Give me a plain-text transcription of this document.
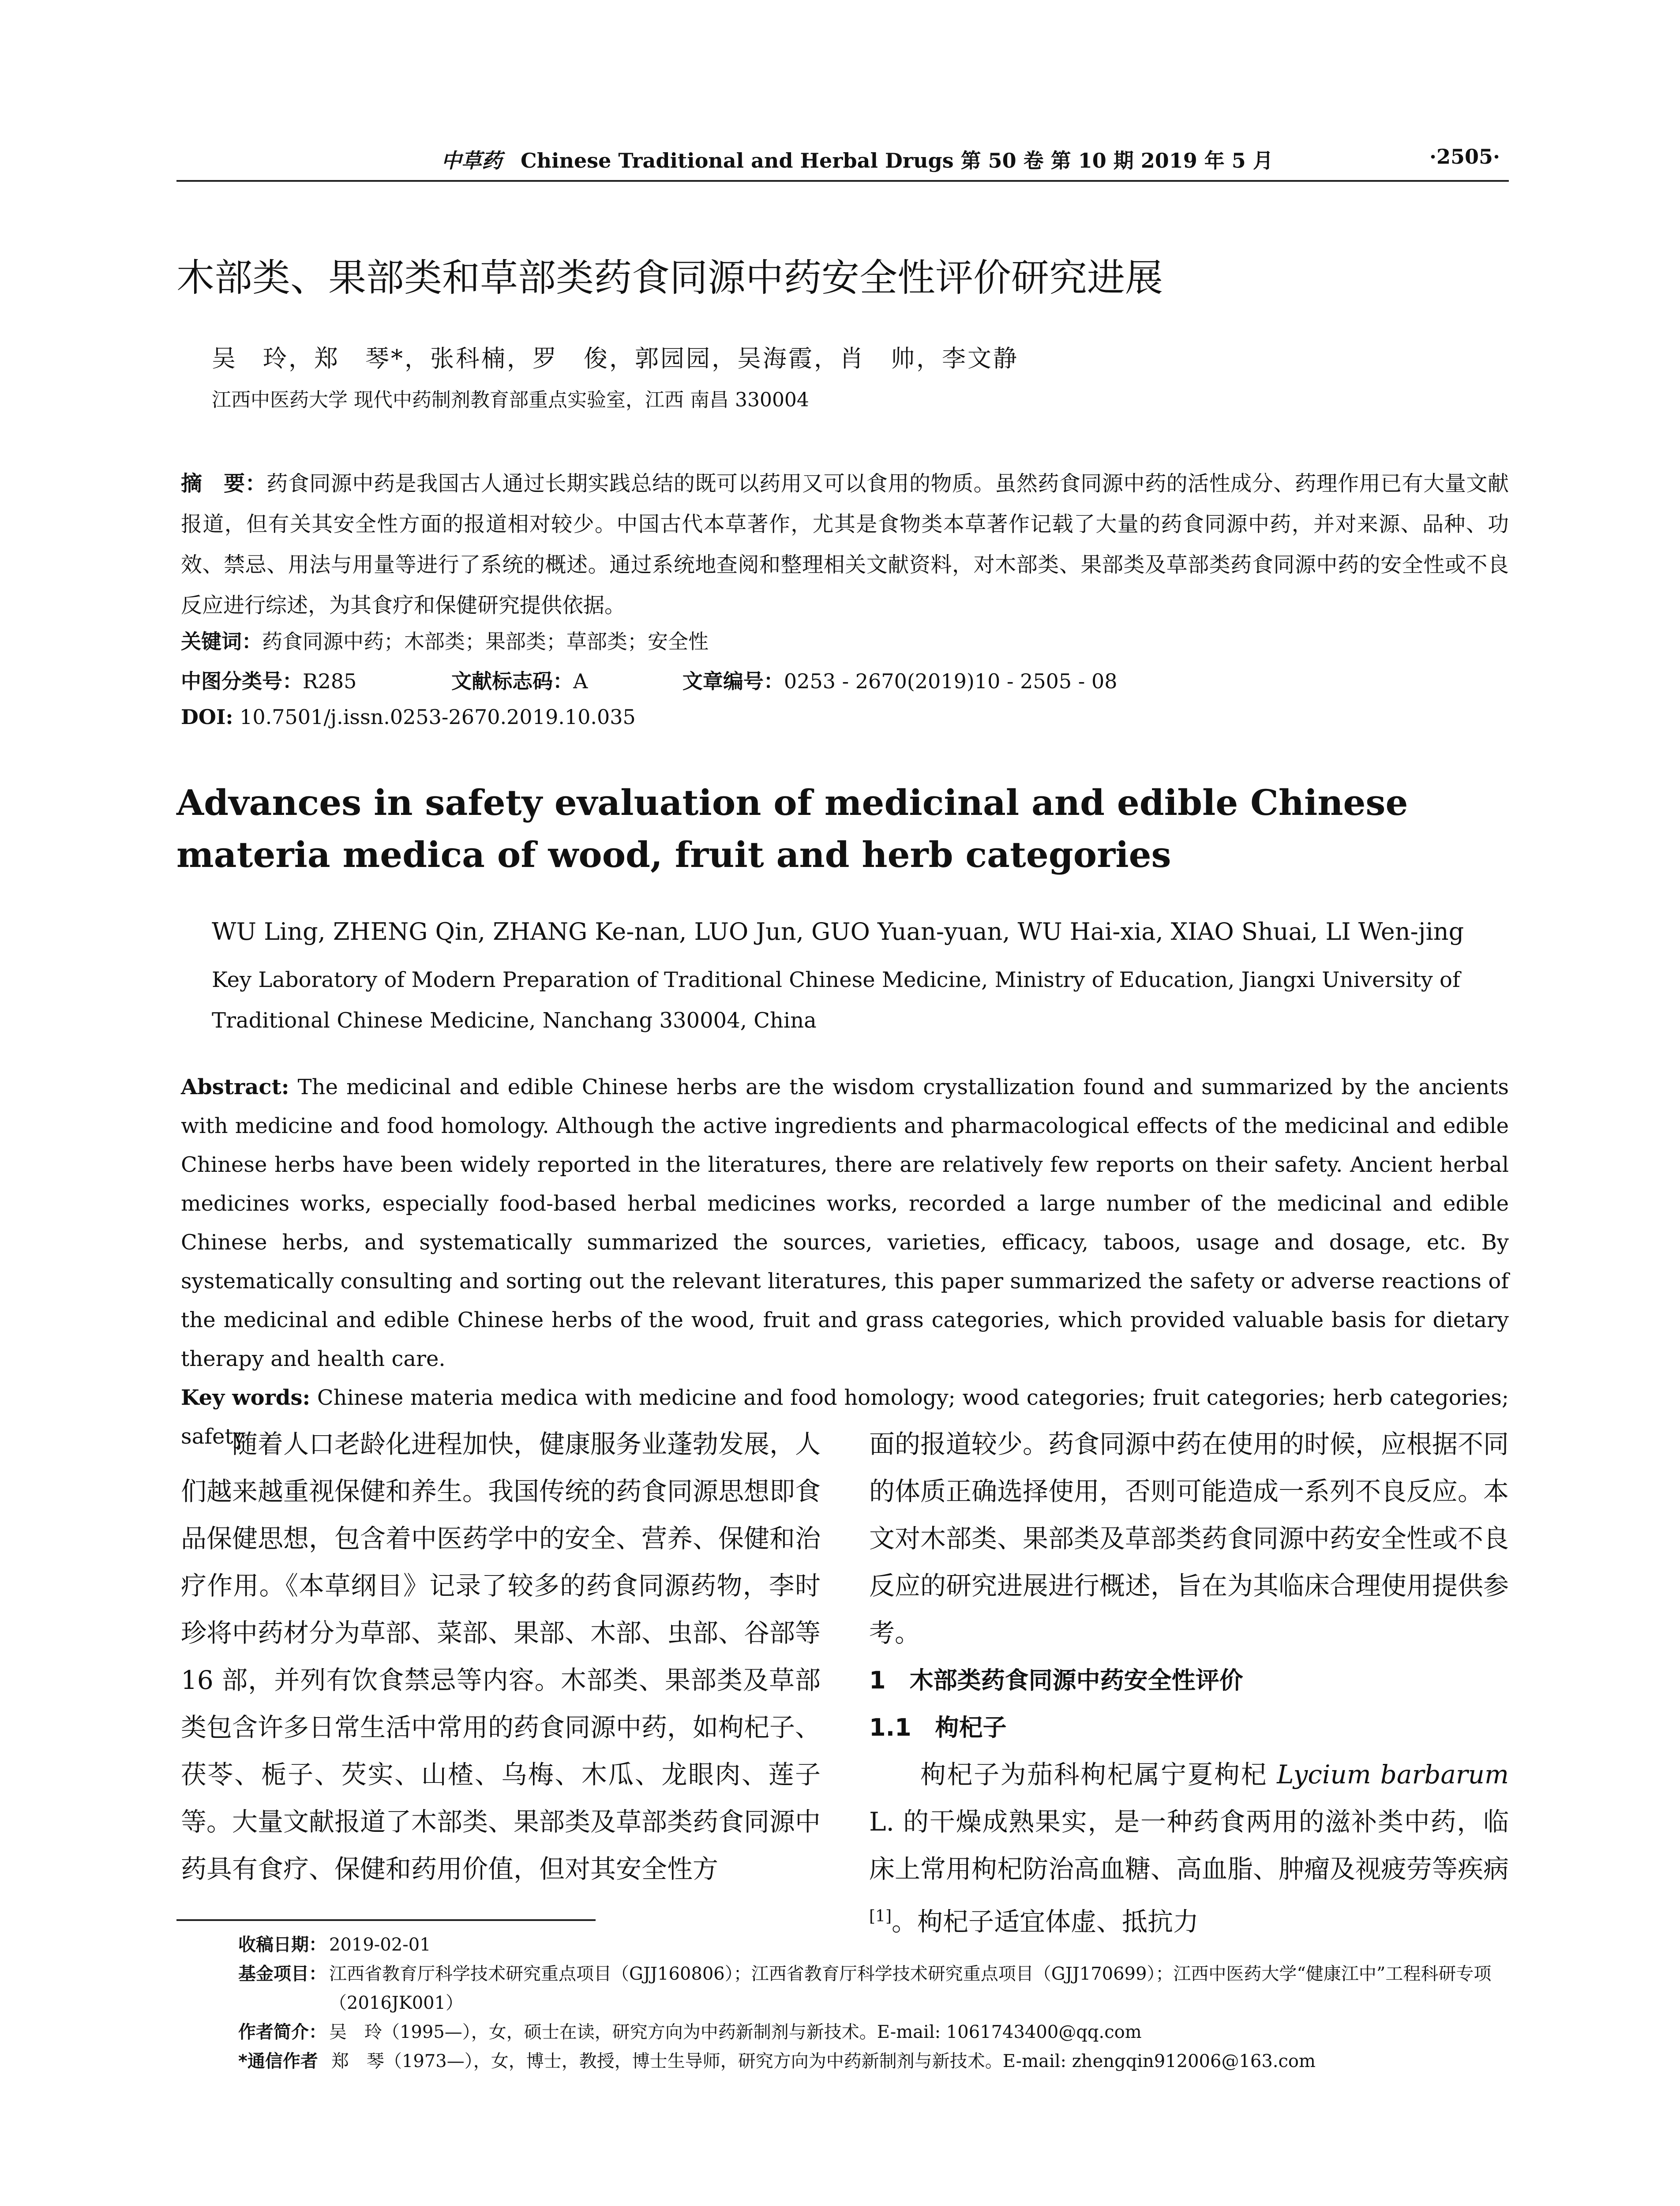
中草药 Chinese Traditional and Herbal Drugs 第 50 卷 第 10 期 2019 年 5 月	·2505·
木部类、果部类和草部类药食同源中药安全性评价研究进展
吴　玲，郑　琴*，张科楠，罗　俊，郭园园，吴海霞，肖　帅，李文静
江西中医药大学 现代中药制剂教育部重点实验室，江西 南昌 330004
摘　要：药食同源中药是我国古人通过长期实践总结的既可以药用又可以食用的物质。虽然药食同源中药的活性成分、药理作用已有大量文献报道，但有关其安全性方面的报道相对较少。中国古代本草著作，尤其是食物类本草著作记载了大量的药食同源中药，并对来源、品种、功效、禁忌、用法与用量等进行了系统的概述。通过系统地查阅和整理相关文献资料，对木部类、果部类及草部类药食同源中药的安全性或不良反应进行综述，为其食疗和保健研究提供依据。
关键词：药食同源中药；木部类；果部类；草部类；安全性
中图分类号：R285	文献标志码：A	文章编号：0253 - 2670(2019)10 - 2505 - 08
DOI: 10.7501/j.issn.0253-2670.2019.10.035
Advances in safety evaluation of medicinal and edible Chinese materia medica of wood, fruit and herb categories
WU Ling, ZHENG Qin, ZHANG Ke-nan, LUO Jun, GUO Yuan-yuan, WU Hai-xia, XIAO Shuai, LI Wen-jing
Key Laboratory of Modern Preparation of Traditional Chinese Medicine, Ministry of Education, Jiangxi University of Traditional Chinese Medicine, Nanchang 330004, China
Abstract: The medicinal and edible Chinese herbs are the wisdom crystallization found and summarized by the ancients with medicine and food homology. Although the active ingredients and pharmacological effects of the medicinal and edible Chinese herbs have been widely reported in the literatures, there are relatively few reports on their safety. Ancient herbal medicines works, especially food-based herbal medicines works, recorded a large number of the medicinal and edible Chinese herbs, and systematically summarized the sources, varieties, efficacy, taboos, usage and dosage, etc. By systematically consulting and sorting out the relevant literatures, this paper summarized the safety or adverse reactions of the medicinal and edible Chinese herbs of the wood, fruit and grass categories, which provided valuable basis for dietary therapy and health care.
Key words: Chinese materia medica with medicine and food homology; wood categories; fruit categories; herb categories; safety

随着人口老龄化进程加快，健康服务业蓬勃发展，人们越来越重视保健和养生。我国传统的药食同源思想即食品保健思想，包含着中医药学中的安全、营养、保健和治疗作用。《本草纲目》记录了较多的药食同源药物，李时珍将中药材分为草部、菜部、果部、木部、虫部、谷部等 16 部，并列有饮食禁忌等内容。木部类、果部类及草部类包含许多日常生活中常用的药食同源中药，如枸杞子、茯苓、栀子、芡实、山楂、乌梅、木瓜、龙眼肉、莲子等。大量文献报道了木部类、果部类及草部类药食同源中药具有食疗、保健和药用价值，但对其安全性方

面的报道较少。药食同源中药在使用的时候，应根据不同的体质正确选择使用，否则可能造成一系列不良反应。本文对木部类、果部类及草部类药食同源中药安全性或不良反应的研究进展进行概述，旨在为其临床合理使用提供参考。

1　木部类药食同源中药安全性评价

1.1　枸杞子

枸杞子为茄科枸杞属宁夏枸杞 Lycium barbarum L. 的干燥成熟果实，是一种药食两用的滋补类中药，临床上常用枸杞防治高血糖、高血脂、肿瘤及视疲劳等疾病[1]。枸杞子适宜体虚、抵抗力

收稿日期： 2019-02-01
基金项目： 江西省教育厅科学技术研究重点项目（GJJ160806）；江西省教育厅科学技术研究重点项目（GJJ170699）；江西中医药大学“健康江中”工程科研专项（2016JK001）
作者简介： 吴　玲（1995—），女，硕士在读，研究方向为中药新制剂与新技术。E-mail: 1061743400@qq.com
*通信作者 郑　琴（1973—），女，博士，教授，博士生导师，研究方向为中药新制剂与新技术。E-mail: zhengqin912006@163.com
